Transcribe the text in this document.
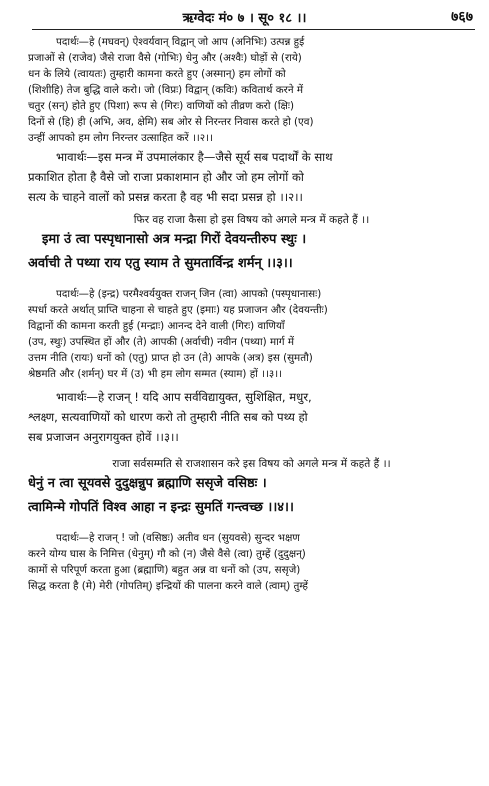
ऋग्वेदः मं० ७ । सू० १८ ।।	७६७
पदार्थः—हे (मघवन्) ऐश्वर्यवान् विद्वान् जो आप (अनिभिः) उत्पन्न हुई
प्रजाओं से (राजेव) जैसे राजा वैसे (गोभिः) धेनु और (अश्वैः) घोड़ों से (राये)
धन के लिये (त्वायतः) तुम्हारी कामना करते हुए (अस्मान्) हम लोगों को
(शिशीहि) तेज बुद्धि वाले करो। जो (विप्रः) विद्वान् (कविः) कवितार्थ करने में
चतुर (सन्) होते हुए (पिशा) रूप से (गिरः) वाणियों को तीव्रण करो (क्षिः)
दिनों से (हि) ही (अभि, अव, क्षेमि) सब ओर से निरन्तर निवास करते हो (एव)
उन्हीं आपको हम लोग निरन्तर उत्साहित करें ।।२।।
भावार्थः—इस मन्त्र में उपमालंकार है—जैसे सूर्य सब पदार्थों के साथ
प्रकाशित होता है वैसे जो राजा प्रकाशमान हो और जो हम लोगों को
सत्य के चाहने वालों को प्रसन्न करता है वह भी सदा प्रसन्न हो ।।२।।
फिर वह राजा कैसा हो इस विषय को अगले मन्त्र में कहते हैं ।।
इमा उं त्वा पस्पृधानासो अत्र मन्द्रा गिरों देवयन्तीरुप स्थुः ।
अर्वाची ते पथ्या राय एतु स्याम ते सुमतार्विन्द्र शर्मन् ।।३।।
पदार्थः—हे (इन्द्र) परमैश्वर्ययुक्त राजन् जिन (त्वा) आपको (पस्पृधानासः)
स्पर्धा करते अर्थात् प्राप्ति चाहना से चाहते हुए (इमाः) यह प्रजाजन और (देवयन्तीः)
विद्वानों की कामना करती हुई (मन्द्राः) आनन्द देने वाली (गिरः) वाणियाँ
(उप, स्थुः) उपस्थित हों और (ते) आपकी (अर्वाची) नवीन (पथ्या) मार्ग में
उत्तम नीति (रायः) धनों को (एतु) प्राप्त हो उन (ते) आपके (अत्र) इस (सुमतौ)
श्रेष्ठमति और (शर्मन्) घर में (उ) भी हम लोग सम्मत (स्याम) हों ।।३।।
भावार्थः—हे राजन् ! यदि आप सर्वविद्यायुक्त, सुशिक्षित, मधुर,
श्लक्ष्ण, सत्यवाणियों को धारण करो तो तुम्हारी नीति सब को पथ्य हो
सब प्रजाजन अनुरागयुक्त होवें ।।३।।
राजा सर्वसम्मति से राजशासन करे इस विषय को अगले मन्त्र में कहते हैं ।।
धेनुं न त्वा सूयवसे दुदुक्षन्नुप ब्रह्माणि ससृजे वसिष्ठः ।
त्वामिन्मे गोपतिं विश्व आहा न इन्द्रः सुमतिं गन्त्वच्छ ।।४।।
पदार्थः—हे राजन् ! जो (वसिष्ठः) अतीव धन (सुयवसे) सुन्दर भक्षण
करने योग्य घास के निमित्त (धेनुम्) गौ को (न) जैसे वैसे (त्वा) तुम्हें (दुदुक्षन्)
कामों से परिपूर्ण करता हुआ (ब्रह्माणि) बहुत अन्न वा धनों को (उप, ससृजे)
सिद्ध करता है (मे) मेरी (गोपतिम्) इन्द्रियों की पालना करने वाले (त्वाम्) तुम्हें
